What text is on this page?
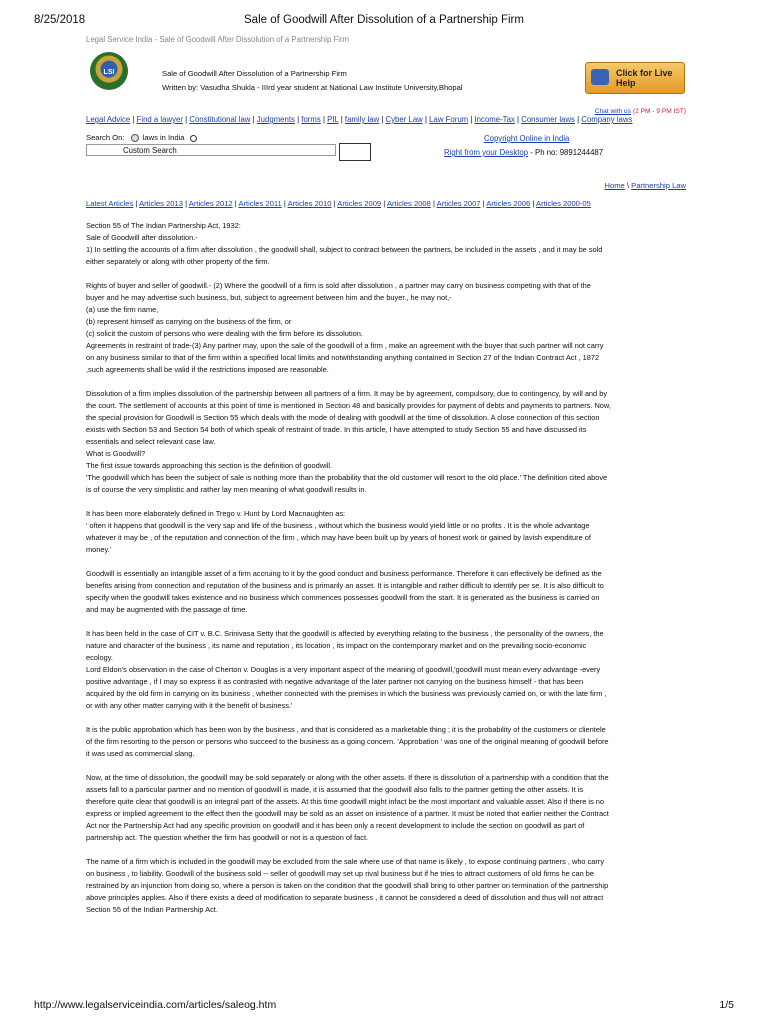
8/25/2018	Sale of Goodwill After Dissolution of a Partnership Firm
Legal Service India - Sale of Goodwill After Dissolution of a Partnership Firm
LSI	Sale of Goodwill After Dissolution of a Partnership Firm
Written by: Vasudha Shukla - IIIrd year student at National Law Institute University,Bhopal
Click for Live Help
Chat with us (2 PM - 9 PM IST)
Legal Advice | Find a lawyer | Constitutional law | Judgments | forms | PIL | family law | Cyber Law | Law Forum | Income-Tax | Consumer laws | Company laws
Search On: laws in India
Custom Search
Copyright Online in India
Right from your Desktop - Ph no: 9891244487
Home \ Partnership Law
Latest Articles | Articles 2013 | Articles 2012 | Articles 2011 | Articles 2010 | Articles 2009 | Articles 2008 | Articles 2007 | Articles 2006 | Articles 2000-05

Section 55 of The Indian Partnership Act, 1932:
Sale of Goodwill after dissolution.-
1) In settling the accounts of a firm after dissolution , the goodwill shall, subject to contract between the partners, be included in the assets , and it may be sold
either separately or along with other property of the firm.

Rights of buyer and seller of goodwill.- (2) Where the goodwill of a firm is sold after dissolution , a partner may carry on business competing with that of the
buyer and he may advertise such business, but, subject to agreement between him and the buyer., he may not,-
(a) use the firm name,
(b) represent himself as carrying on the business of the firm, or
(c) solicit the custom of persons who were dealing with the firm before its dissolution.
Agreements in restraint of trade-(3) Any partner may, upon the sale of the goodwill of a firm , make an agreement with the buyer that such partner will not carry
on any business similar to that of the firm within a specified local limits and notwithstanding anything contained in Section 27 of the Indian Contract Act , 1872
,such agreements shall be valid if the restrictions imposed are reasonable.

Dissolution of a firm implies dissolution of the partnership between all partners of a firm. It may be by agreement, compulsory, due to contingency, by will and by
the court. The settlement of accounts at this point of time is mentioned in Section 48 and basically provides for payment of debts and payments to partners. Now,
the special provision for Goodwill is Section 55 which deals with the mode of dealing with goodwill at the time of dissolution. A close connection of this section
exists with Section 53 and Section 54 both of which speak of restraint of trade. In this article, I have attempted to study Section 55 and have discussed its
essentials and select relevant case law.
What is Goodwill?
The first issue towards approaching this section is the definition of goodwill.
'The goodwill which has been the subject of sale is nothing more than the probability that the old customer will resort to the old place.' The definition cited above
is of course the very simplistic and rather lay men meaning of what goodwill results in.

It has been more elaborately defined in Trego v. Hunt by Lord Macnaughten as:
' often it happens that goodwill is the very sap and life of the business , without which the business would yield little or no profits . It is the whole advantage
whatever it may be , of the reputation and connection of the firm , which may have been built up by years of honest work or gained by lavish expenditure of
money.'

Goodwill is essentially an intangible asset of a firm accruing to it by the good conduct and business performance. Therefore it can effectively be defined as the
benefits arising from connection and reputation of the business and is primarily an asset. It is intangible and rather difficult to identify per se. It is also difficult to
specify when the goodwill takes existence and no business which commences possesses goodwill from the start. It is generated as the business is carried on
and may be augmented with the passage of time.

It has been held in the case of CIT v. B.C. Srinivasa Setty that the goodwill is affected by everything relating to the business , the personality of the owners, the
nature and character of the business , its name and reputation , its location , its impact on the contemporary market and on the prevailing socio-economic
ecology.
Lord Eldon's observation in the case of Cherton v. Douglas is a very important aspect of the meaning of goodwill,'goodwill must mean every advantage -every
positive advantage , if I may so express it as contrasted with negative advantage of the later partner not carrying on the business himself - that has been
acquired by the old firm in carrying on its business , whether connected with the premises in which the business was previously carried on, or with the late firm ,
or with any other matter carrying with it the benefit of business.'

It is the public approbation which has been won by the business , and that is considered as a marketable thing ; it is the probability of the customers or clientele
of the firm resorting to the person or persons who succeed to the business as a going concern. 'Approbation ' was one of the original meaning of goodwill before
it was used as commercial slang.

Now, at the time of dissolution, the goodwill may be sold separately or along with the other assets. If there is dissolution of a partnership with a condition that the
assets fall to a particular partner and no mention of goodwill is made, it is assumed that the goodwill also falls to the partner getting the other assets. It is
therefore quite clear that goodwill is an integral part of the assets. At this time goodwill might infact be the most important and valuable asset. Also if there is no
express or implied agreement to the effect then the goodwill may be sold as an asset on insistence of a partner. It must be noted that earlier neither the Contract
Act nor the Partnership Act had any specific provision on goodwill and it has been only a recent development to include the section on goodwill as part of
partnership act. The question whether the firm has goodwill or not is a question of fact.

The name of a firm which is included in the goodwill may be excluded from the sale where use of that name is likely , to expose continuing partners , who carry
on business , to liability. Goodwill of the business sold -- seller of goodwill may set up rival business but if he tries to attract customers of old firms he can be
restrained by an injunction from doing so, where a person is taken on the condition that the goodwill shall bring to other partner on termination of the partnership
above principles applies. Also if there exists a deed of modification to separate business , it cannot be considered a deed of dissolution and thus will not attract
Section 55 of the Indian Partnership Act.

http://www.legalserviceindia.com/articles/saleog.htm	1/5
